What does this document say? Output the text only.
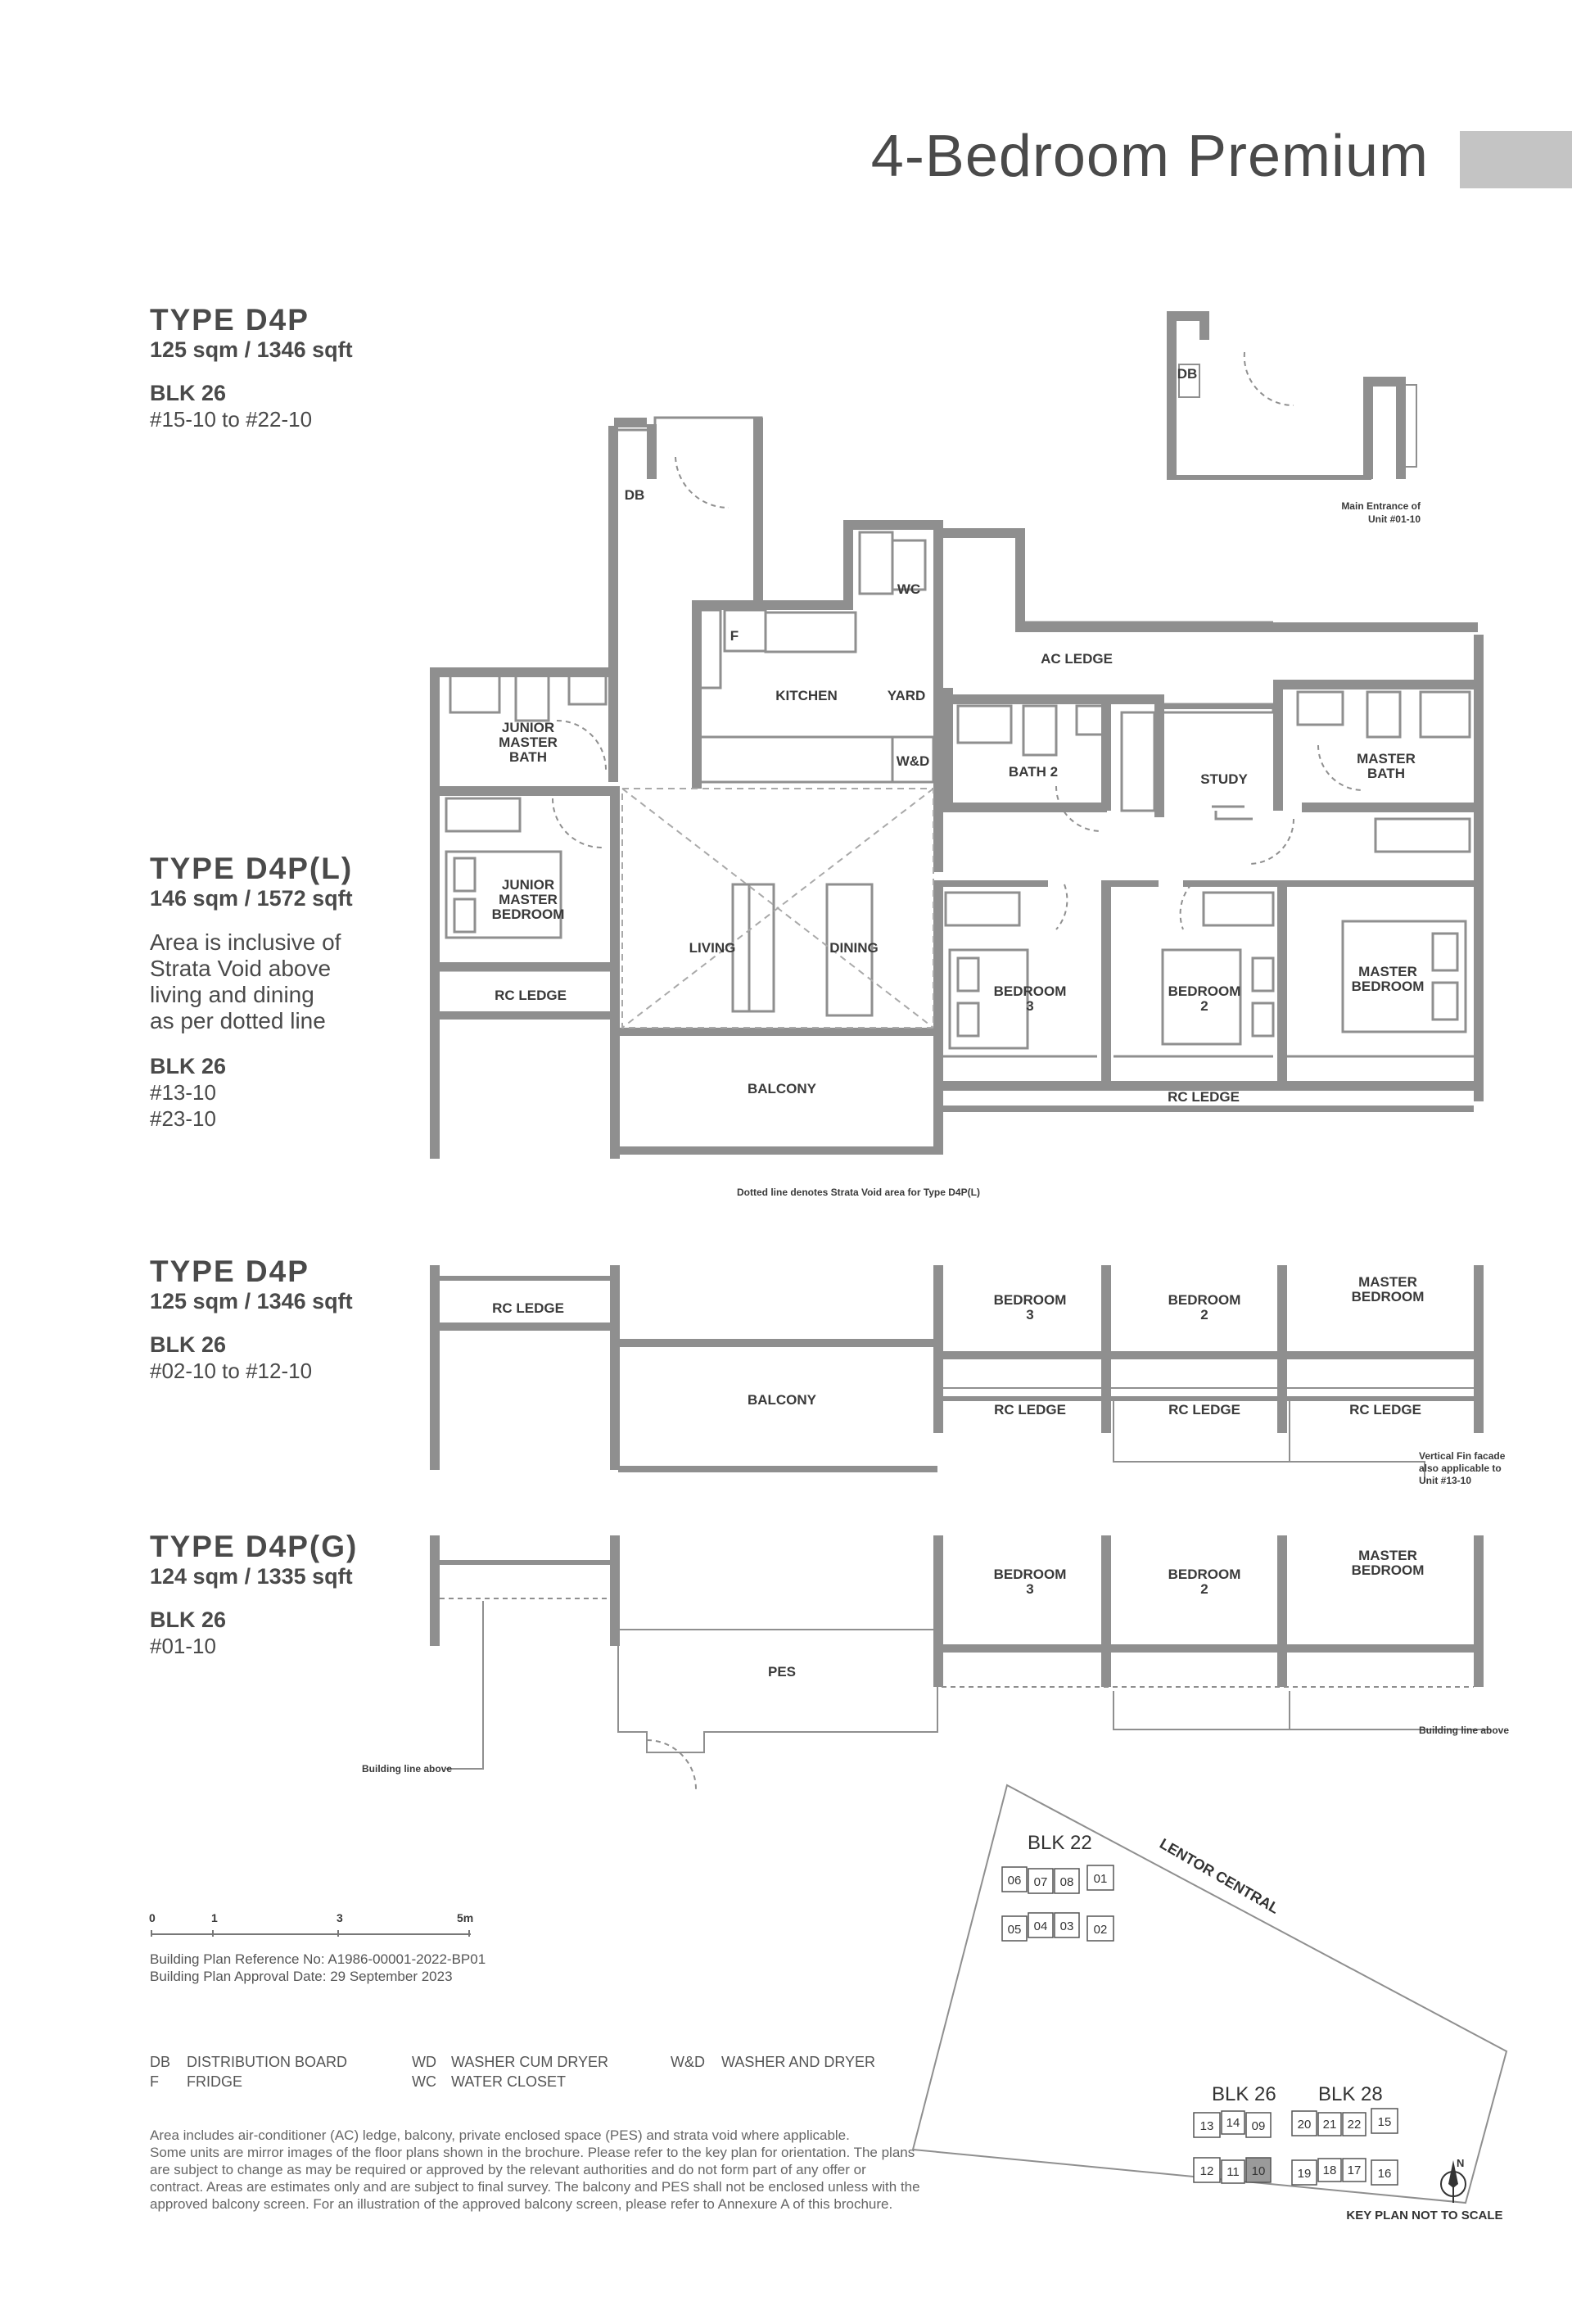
4-Bedroom Premium
TYPE D4P
125 sqm / 1346 sqft
BLK 26
#15-10 to #22-10
TYPE D4P(L)
146 sqm / 1572 sqft
Area is inclusive of
Strata Void above
living and dining
as per dotted line
BLK 26
#13-10
#23-10
TYPE D4P
125 sqm / 1346 sqft
BLK 26
#02-10 to #12-10
TYPE D4P(G)
124 sqm / 1335 sqft
BLK 26
#01-10
DB
DB
F
WC
KITCHEN	YARD
W&D
AC LEDGE
JUNIOR
MASTER
BATH
JUNIOR
MASTER
BEDROOM
BATH 2	STUDY
MASTER
BATH
LIVING	DINING
BEDROOM
3
BEDROOM
2
MASTER
BEDROOM
RC LEDGE
BALCONY
RC LEDGE
Main Entrance of
Unit #01-10
Dotted line denotes Strata Void area for Type D4P(L)
RC LEDGE
BALCONY
BEDROOM
3
BEDROOM
2
MASTER
BEDROOM
RC LEDGE	RC LEDGE	RC LEDGE
Vertical Fin facade
also applicable to
Unit #13-10
PES
BEDROOM
3
BEDROOM
2
MASTER
BEDROOM
Building line above
Building line above
0	1	3	5m
Building Plan Reference No: A1986-00001-2022-BP01
Building Plan Approval Date: 29 September 2023
DB DISTRIBUTION BOARD
F FRIDGE
WD WASHER CUM DRYER
WC WATER CLOSET
W&D WASHER AND DRYER
Area includes air-conditioner (AC) ledge, balcony, private enclosed space (PES) and strata void where applicable.
Some units are mirror images of the floor plans shown in the brochure. Please refer to the key plan for orientation. The plans
are subject to change as may be required or approved by the relevant authorities and do not form part of any offer or
contract. Areas are estimates only and are subject to final survey. The balcony and PES shall not be enclosed unless with the
approved balcony screen. For an illustration of the approved balcony screen, please refer to Annexure A of this brochure.
LENTOR CENTRAL
BLK 22
BLK 26 BLK 28
06 07 08 01
05 04 03 02
13 14 09
12 11 10
20 21 22 15
19 18 17 16
N
KEY PLAN NOT TO SCALE
